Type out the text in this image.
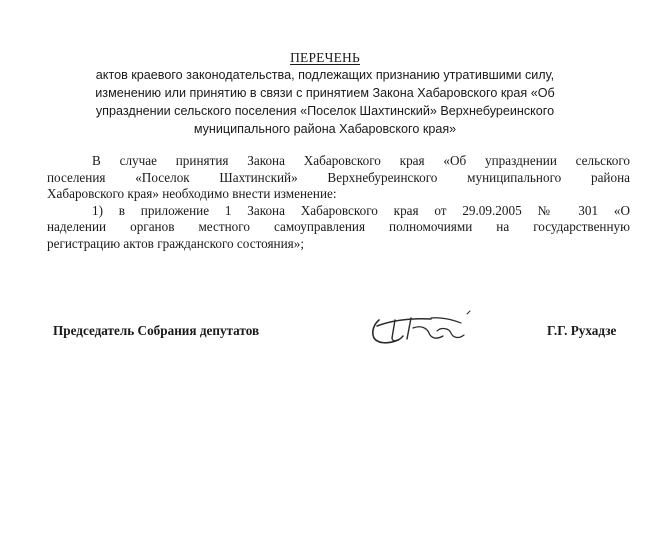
ПЕРЕЧЕНЬ
актов краевого законодательства, подлежащих признанию утратившими силу,
изменению или принятию в связи с принятием Закона Хабаровского края «Об
упразднении сельского поселения «Поселок Шахтинский» Верхнебуреинского
муниципального района Хабаровского края»
В случае принятия Закона Хабаровского края «Об упразднении сельского
поселения «Поселок Шахтинский» Верхнебуреинского муниципального района
Хабаровского края» необходимо внести изменение:
1) в приложение 1 Закона Хабаровского края от 29.09.2005 № 301 «О
наделении органов местного самоуправления полномочиями на государственную
регистрацию актов гражданского состояния»;

Председатель Собрания депутатов	Г.Г. Рухадзе
